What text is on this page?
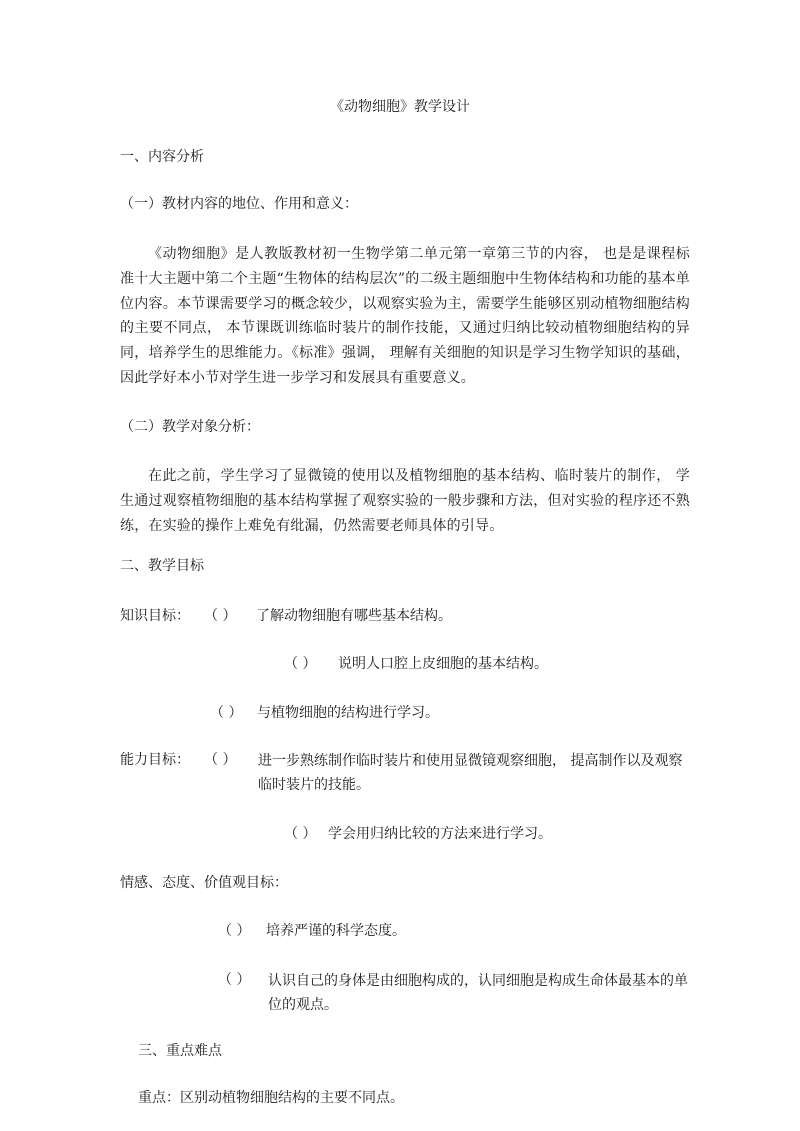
《动物细胞》教学设计
一、内容分析
（一）教材内容的地位、作用和意义：
《动物细胞》是人教版教材初一生物学第二单元第一章第三节的内容， 也是是课程标准十大主题中第二个主题“生物体的结构层次”的二级主题细胞中生物体结构和功能的基本单位内容。本节课需要学习的概念较少，以观察实验为主，需要学生能够区别动植物细胞结构的主要不同点， 本节课既训练临时装片的制作技能，又通过归纳比较动植物细胞结构的异同，培养学生的思维能力。《标准》强调， 理解有关细胞的知识是学习生物学知识的基础， 因此学好本小节对学生进一步学习和发展具有重要意义。
（二）教学对象分析：
在此之前，学生学习了显微镜的使用以及植物细胞的基本结构、临时装片的制作， 学生通过观察植物细胞的基本结构掌握了观察实验的一般步骤和方法，但对实验的程序还不熟练，在实验的操作上难免有纰漏，仍然需要老师具体的引导。
二、教学目标
知识目标： （ ） 了解动物细胞有哪些基本结构。
（ ） 说明人口腔上皮细胞的基本结构。
（ ） 与植物细胞的结构进行学习。
能力目标： （ ） 进一步熟练制作临时装片和使用显微镜观察细胞， 提高制作以及观察临时装片的技能。
（ ） 学会用归纳比较的方法来进行学习。
情感、态度、价值观目标：
（ ） 培养严谨的科学态度。
（ ） 认识自己的身体是由细胞构成的，认同细胞是构成生命体最基本的单位的观点。
三、重点难点
重点：区别动植物细胞结构的主要不同点。
